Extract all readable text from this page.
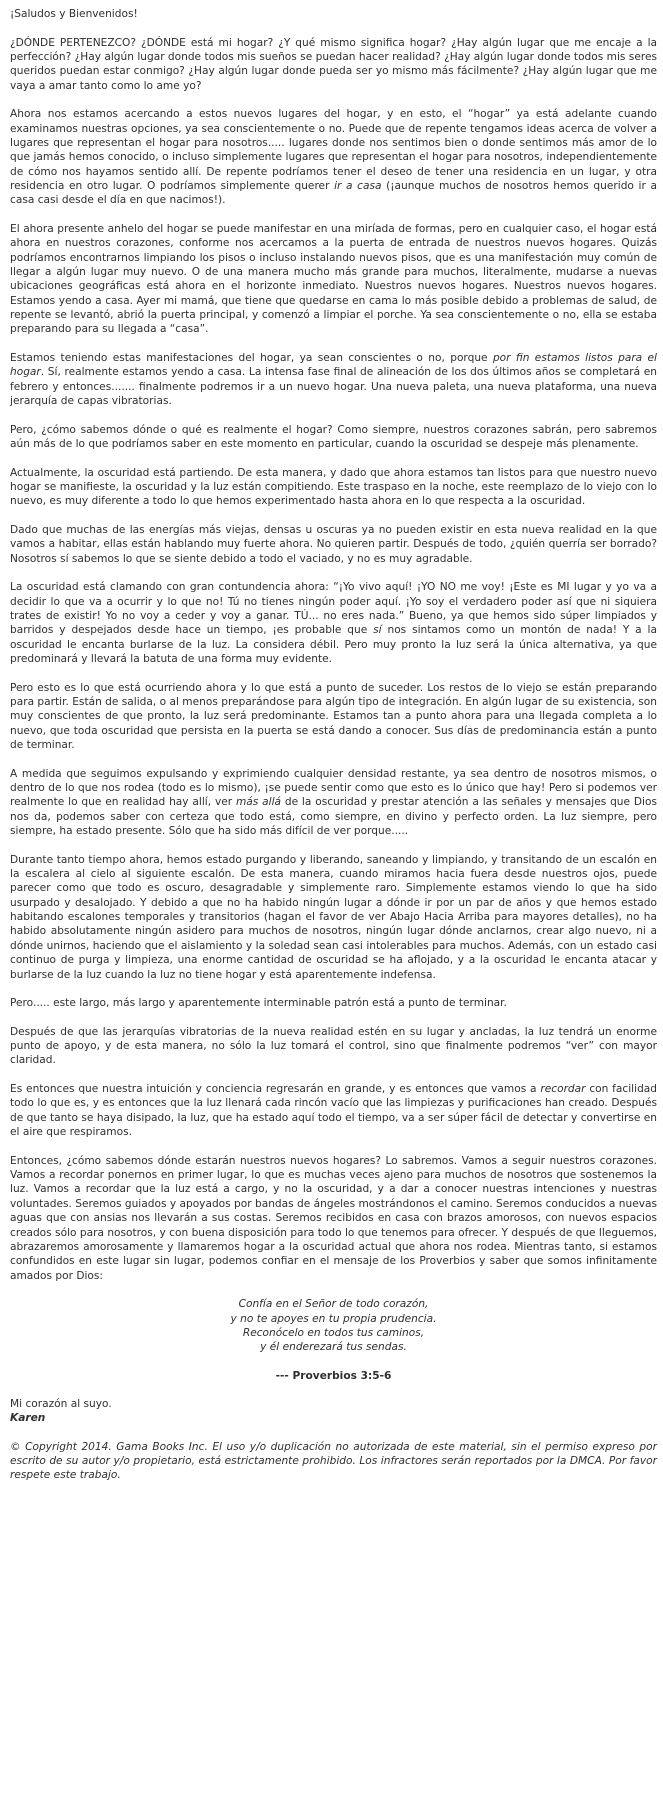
¡Saludos y Bienvenidos!

¿DÓNDE PERTENEZCO? ¿DÓNDE está mi hogar? ¿Y qué mismo significa hogar? ¿Hay algún lugar que me encaje a la perfección? ¿Hay algún lugar donde todos mis sueños se puedan hacer realidad? ¿Hay algún lugar donde todos mis seres queridos puedan estar conmigo? ¿Hay algún lugar donde pueda ser yo mismo más fácilmente? ¿Hay algún lugar que me vaya a amar tanto como lo ame yo?

Ahora nos estamos acercando a estos nuevos lugares del hogar, y en esto, el “hogar” ya está adelante cuando examinamos nuestras opciones, ya sea conscientemente o no. Puede que de repente tengamos ideas acerca de volver a lugares que representan el hogar para nosotros..... lugares donde nos sentimos bien o donde sentimos más amor de lo que jamás hemos conocido, o incluso simplemente lugares que representan el hogar para nosotros, independientemente de cómo nos hayamos sentido allí. De repente podríamos tener el deseo de tener una residencia en un lugar, y otra residencia en otro lugar. O podríamos simplemente querer ir a casa (¡aunque muchos de nosotros hemos querido ir a casa casi desde el día en que nacimos!).

El ahora presente anhelo del hogar se puede manifestar en una miríada de formas, pero en cualquier caso, el hogar está ahora en nuestros corazones, conforme nos acercamos a la puerta de entrada de nuestros nuevos hogares. Quizás podríamos encontrarnos limpiando los pisos o incluso instalando nuevos pisos, que es una manifestación muy común de llegar a algún lugar muy nuevo. O de una manera mucho más grande para muchos, literalmente, mudarse a nuevas ubicaciones geográficas está ahora en el horizonte inmediato. Nuestros nuevos hogares. Nuestros nuevos hogares. Estamos yendo a casa. Ayer mi mamá, que tiene que quedarse en cama lo más posible debido a problemas de salud, de repente se levantó, abrió la puerta principal, y comenzó a limpiar el porche. Ya sea conscientemente o no, ella se estaba preparando para su llegada a “casa”.

Estamos teniendo estas manifestaciones del hogar, ya sean conscientes o no, porque por fin estamos listos para el hogar. Sí, realmente estamos yendo a casa. La intensa fase final de alineación de los dos últimos años se completará en febrero y entonces....... finalmente podremos ir a un nuevo hogar. Una nueva paleta, una nueva plataforma, una nueva jerarquía de capas vibratorias.

Pero, ¿cómo sabemos dónde o qué es realmente el hogar? Como siempre, nuestros corazones sabrán, pero sabremos aún más de lo que podríamos saber en este momento en particular, cuando la oscuridad se despeje más plenamente.

Actualmente, la oscuridad está partiendo. De esta manera, y dado que ahora estamos tan listos para que nuestro nuevo hogar se manifieste, la oscuridad y la luz están compitiendo. Este traspaso en la noche, este reemplazo de lo viejo con lo nuevo, es muy diferente a todo lo que hemos experimentado hasta ahora en lo que respecta a la oscuridad.

Dado que muchas de las energías más viejas, densas u oscuras ya no pueden existir en esta nueva realidad en la que vamos a habitar, ellas están hablando muy fuerte ahora. No quieren partir. Después de todo, ¿quién querría ser borrado? Nosotros sí sabemos lo que se siente debido a todo el vaciado, y no es muy agradable.

La oscuridad está clamando con gran contundencia ahora: “¡Yo vivo aquí! ¡YO NO me voy! ¡Este es MI lugar y yo va a decidir lo que va a ocurrir y lo que no! Tú no tienes ningún poder aquí. ¡Yo soy el verdadero poder así que ni siquiera trates de existir! Yo no voy a ceder y voy a ganar. TÚ... no eres nada.” Bueno, ya que hemos sido súper limpiados y barridos y despejados desde hace un tiempo, ¡es probable que sí nos sintamos como un montón de nada! Y a la oscuridad le encanta burlarse de la luz. La considera débil. Pero muy pronto la luz será la única alternativa, ya que predominará y llevará la batuta de una forma muy evidente.

Pero esto es lo que está ocurriendo ahora y lo que está a punto de suceder. Los restos de lo viejo se están preparando para partir. Están de salida, o al menos preparándose para algún tipo de integración. En algún lugar de su existencia, son muy conscientes de que pronto, la luz será predominante. Estamos tan a punto ahora para una llegada completa a lo nuevo, que toda oscuridad que persista en la puerta se está dando a conocer. Sus días de predominancia están a punto de terminar.

A medida que seguimos expulsando y exprimiendo cualquier densidad restante, ya sea dentro de nosotros mismos, o dentro de lo que nos rodea (todo es lo mismo), ¡se puede sentir como que esto es lo único que hay! Pero si podemos ver realmente lo que en realidad hay allí, ver más allá de la oscuridad y prestar atención a las señales y mensajes que Dios nos da, podemos saber con certeza que todo está, como siempre, en divino y perfecto orden. La luz siempre, pero siempre, ha estado presente. Sólo que ha sido más difícil de ver porque.....

Durante tanto tiempo ahora, hemos estado purgando y liberando, saneando y limpiando, y transitando de un escalón en la escalera al cielo al siguiente escalón. De esta manera, cuando miramos hacia fuera desde nuestros ojos, puede parecer como que todo es oscuro, desagradable y simplemente raro. Simplemente estamos viendo lo que ha sido usurpado y desalojado. Y debido a que no ha habido ningún lugar a dónde ir por un par de años y que hemos estado habitando escalones temporales y transitorios (hagan el favor de ver Abajo Hacia Arriba para mayores detalles), no ha habido absolutamente ningún asidero para muchos de nosotros, ningún lugar dónde anclarnos, crear algo nuevo, ni a dónde unirnos, haciendo que el aislamiento y la soledad sean casi intolerables para muchos. Además, con un estado casi continuo de purga y limpieza, una enorme cantidad de oscuridad se ha aflojado, y a la oscuridad le encanta atacar y burlarse de la luz cuando la luz no tiene hogar y está aparentemente indefensa.

Pero..... este largo, más largo y aparentemente interminable patrón está a punto de terminar.

Después de que las jerarquías vibratorias de la nueva realidad estén en su lugar y ancladas, la luz tendrá un enorme punto de apoyo, y de esta manera, no sólo la luz tomará el control, sino que finalmente podremos “ver” con mayor claridad.

Es entonces que nuestra intuición y conciencia regresarán en grande, y es entonces que vamos a recordar con facilidad todo lo que es, y es entonces que la luz llenará cada rincón vacío que las limpiezas y purificaciones han creado. Después de que tanto se haya disipado, la luz, que ha estado aquí todo el tiempo, va a ser súper fácil de detectar y convertirse en el aire que respiramos.

Entonces, ¿cómo sabemos dónde estarán nuestros nuevos hogares? Lo sabremos. Vamos a seguir nuestros corazones. Vamos a recordar ponernos en primer lugar, lo que es muchas veces ajeno para muchos de nosotros que sostenemos la luz. Vamos a recordar que la luz está a cargo, y no la oscuridad, y a dar a conocer nuestras intenciones y nuestras voluntades. Seremos guiados y apoyados por bandas de ángeles mostrándonos el camino. Seremos conducidos a nuevas aguas que con ansias nos llevarán a sus costas. Seremos recibidos en casa con brazos amorosos, con nuevos espacios creados sólo para nosotros, y con buena disposición para todo lo que tenemos para ofrecer. Y después de que lleguemos, abrazaremos amorosamente y llamaremos hogar a la oscuridad actual que ahora nos rodea. Mientras tanto, si estamos confundidos en este lugar sin lugar, podemos confiar en el mensaje de los Proverbios y saber que somos infinitamente amados por Dios:

Confía en el Señor de todo corazón,
y no te apoyes en tu propia prudencia.
Reconócelo en todos tus caminos,
y él enderezará tus sendas.
--- Proverbios 3:5-6
Mi corazón al suyo.
Karen

© Copyright 2014. Gama Books Inc. El uso y/o duplicación no autorizada de este material, sin el permiso expreso por escrito de su autor y/o propietario, está estrictamente prohibido. Los infractores serán reportados por la DMCA. Por favor respete este trabajo.
